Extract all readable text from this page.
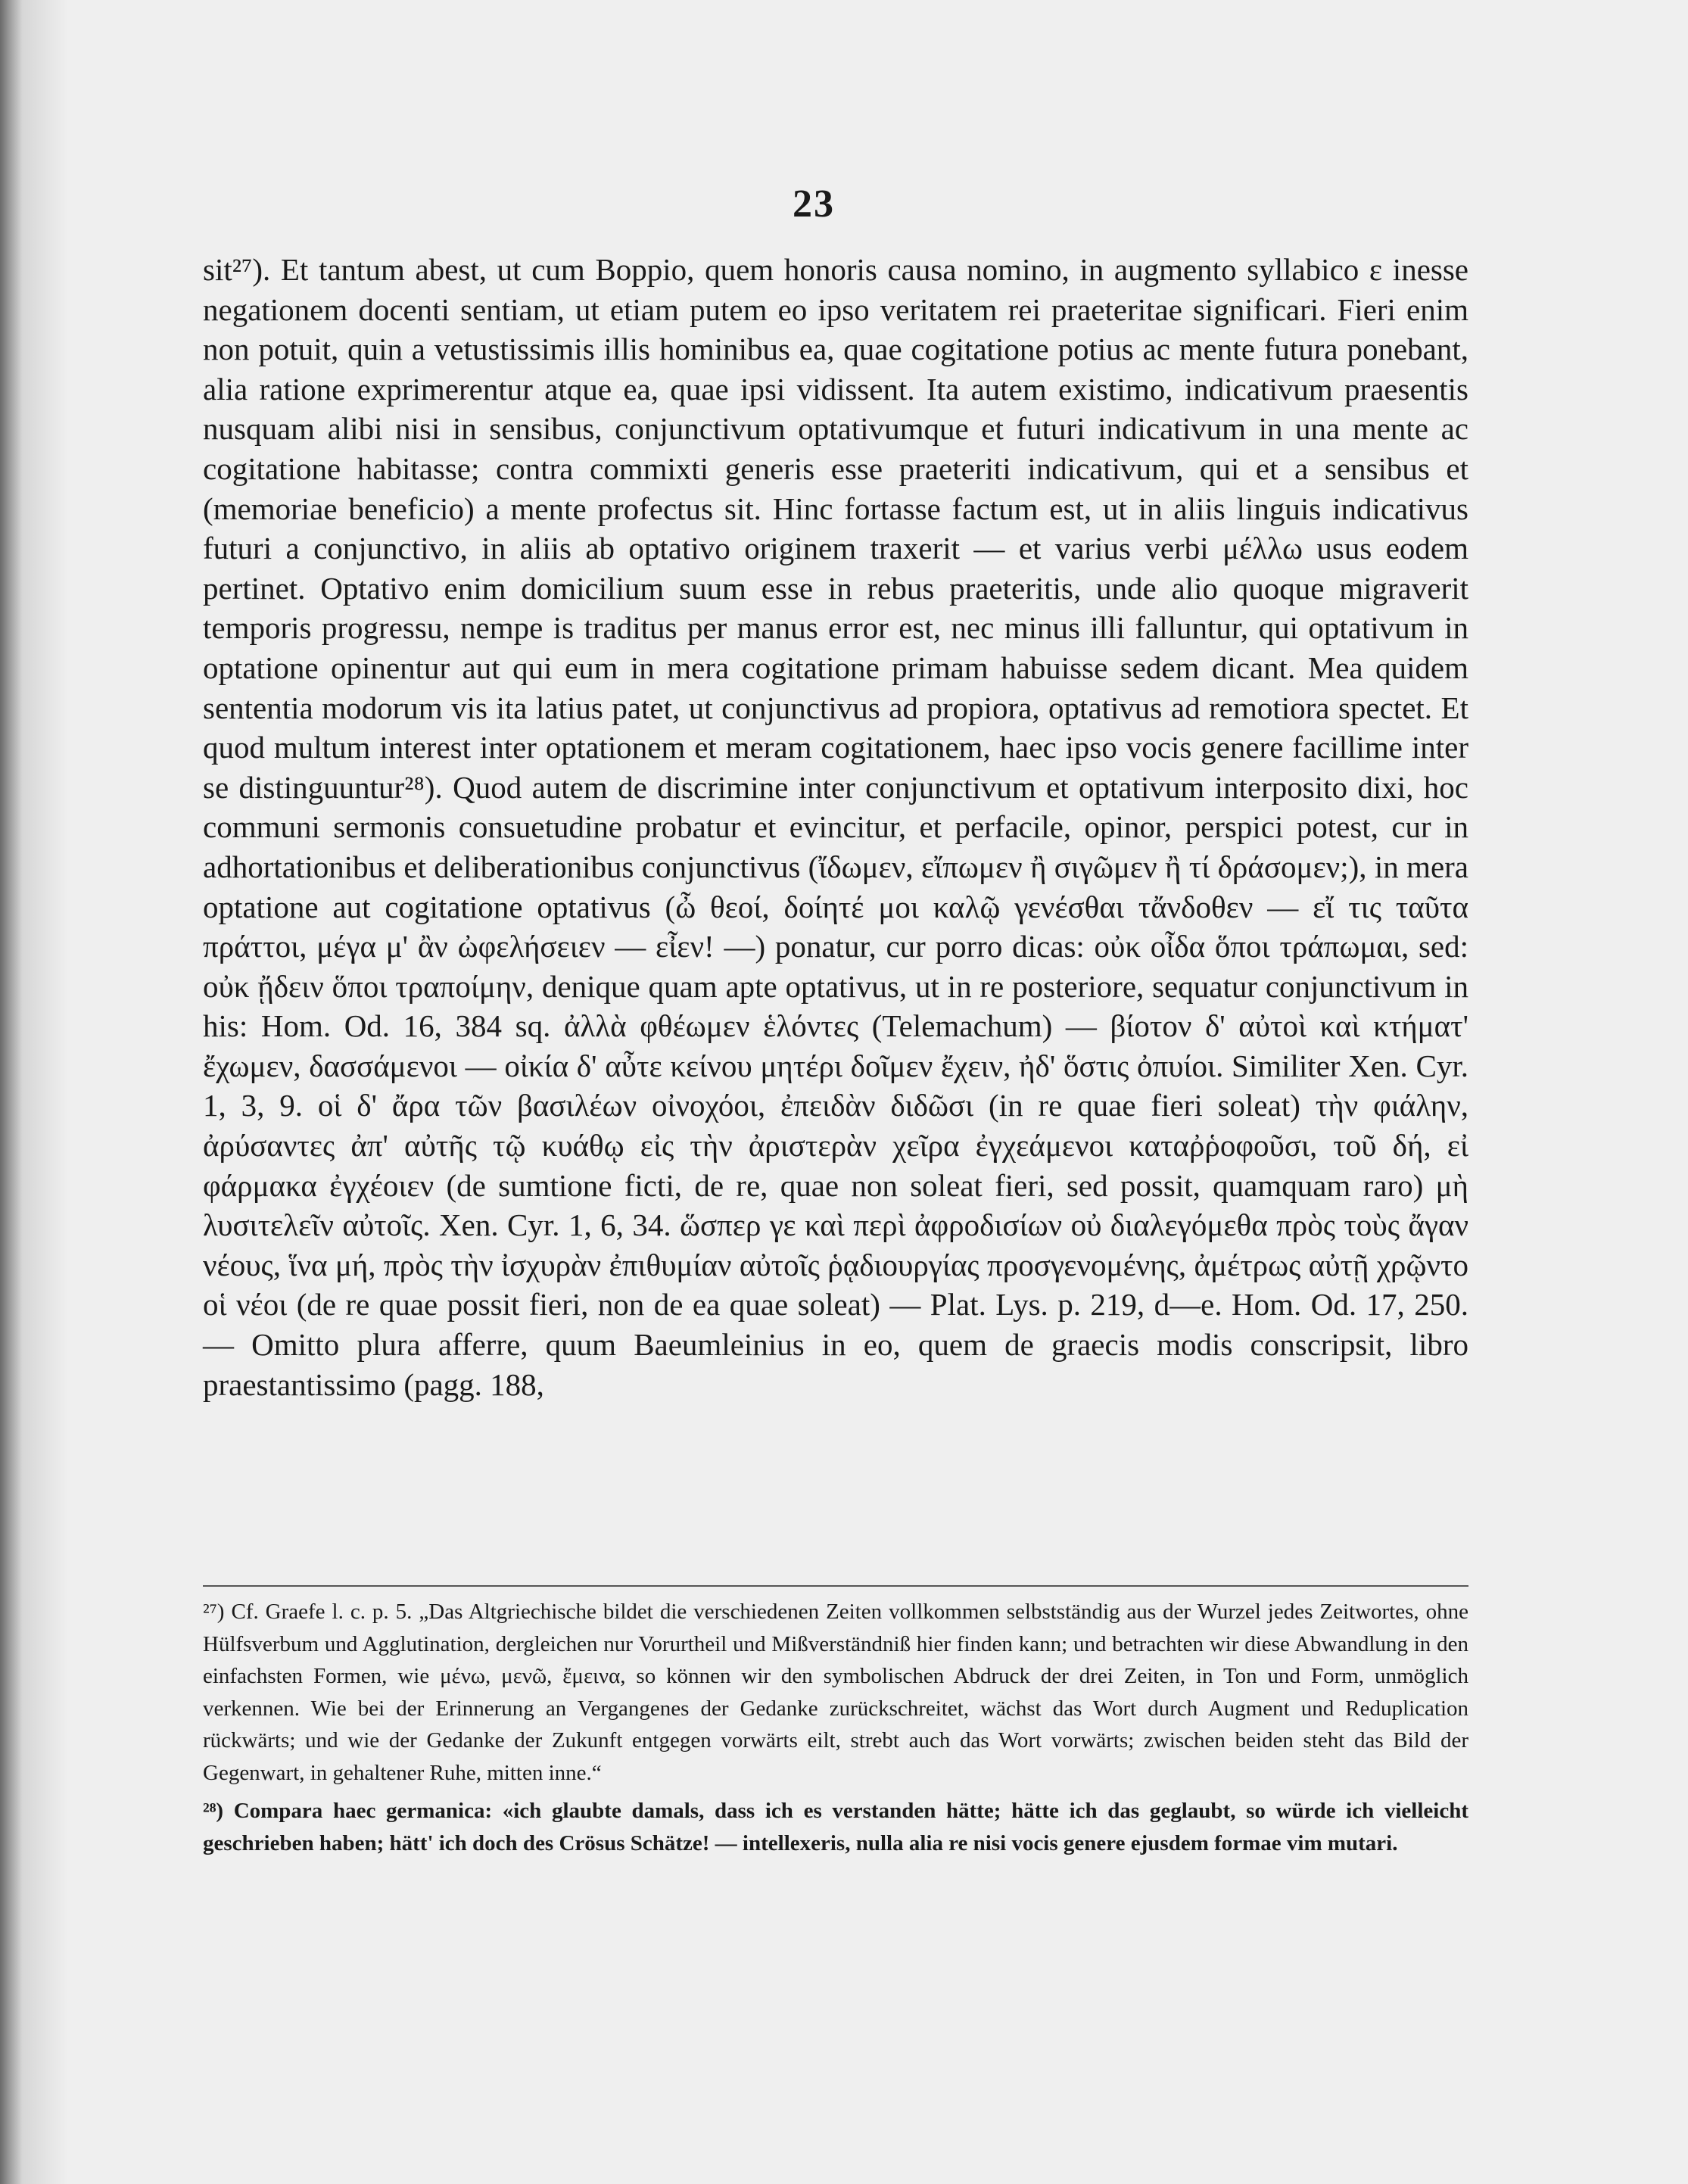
23

sit²⁷). Et tantum abest, ut cum Boppio, quem honoris causa nomino, in augmento syllabico ε inesse negationem docenti sentiam, ut etiam putem eo ipso veritatem rei praeteritae significari. Fieri enim non potuit, quin a vetustissimis illis hominibus ea, quae cogitatione potius ac mente futura ponebant, alia ratione exprimerentur atque ea, quae ipsi vidissent. Ita autem existimo, indicativum praesentis nusquam alibi nisi in sensibus, conjunctivum optativumque et futuri indicativum in una mente ac cogitatione habitasse; contra commixti generis esse praeteriti indicativum, qui et a sensibus et (memoriae beneficio) a mente profectus sit. Hinc fortasse factum est, ut in aliis linguis indicativus futuri a conjunctivo, in aliis ab optativo originem traxerit — et varius verbi μέλλω usus eodem pertinet. Optativo enim domicilium suum esse in rebus praeteritis, unde alio quoque migraverit temporis progressu, nempe is traditus per manus error est, nec minus illi falluntur, qui optativum in optatione opinentur aut qui eum in mera cogitatione primam habuisse sedem dicant. Mea quidem sententia modorum vis ita latius patet, ut conjunctivus ad propiora, optativus ad remotiora spectet. Et quod multum interest inter optationem et meram cogitationem, haec ipso vocis genere facillime inter se distinguuntur²⁸). Quod autem de discrimine inter conjunctivum et optativum interposito dixi, hoc communi sermonis consuetudine probatur et evincitur, et perfacile, opinor, perspici potest, cur in adhortationibus et deliberationibus conjunctivus (ἴδωμεν, εἴπωμεν ἢ σιγῶμεν ἢ τί δράσομεν;), in mera optatione aut cogitatione optativus (ὦ θεοί, δοίητέ μοι καλῷ γενέσθαι τἄνδοθεν — εἴ τις ταῦτα πράττοι, μέγα μ' ἂν ὠφελήσειεν — εἶεν! —) ponatur, cur porro dicas: οὐκ οἶδα ὅποι τράπωμαι, sed: οὐκ ᾔδειν ὅποι τραποίμην, denique quam apte optativus, ut in re posteriore, sequatur conjunctivum in his: Hom. Od. 16, 384 sq. ἀλλὰ φθέωμεν ἑλόντες (Telemachum) — βίοτον δ' αὐτοὶ καὶ κτήματ' ἔχωμεν, δασσάμενοι — οἰκία δ' αὖτε κείνου μητέρι δοῖμεν ἔχειν, ἠδ' ὅστις ὀπυίοι. Similiter Xen. Cyr. 1, 3, 9. οἱ δ' ἄρα τῶν βασιλέων οἰνοχόοι, ἐπειδὰν διδῶσι (in re quae fieri soleat) τὴν φιάλην, ἀρύσαντες ἀπ' αὐτῆς τῷ κυάθῳ εἰς τὴν ἀριστερὰν χεῖρα ἐγχεάμενοι καταῤῥοφοῦσι, τοῦ δή, εἰ φάρμακα ἐγχέοιεν (de sumtione ficti, de re, quae non soleat fieri, sed possit, quamquam raro) μὴ λυσιτελεῖν αὐτοῖς. Xen. Cyr. 1, 6, 34. ὥσπερ γε καὶ περὶ ἀφροδισίων οὐ διαλεγόμεθα πρὸς τοὺς ἄγαν νέους, ἵνα μή, πρὸς τὴν ἰσχυρὰν ἐπιθυμίαν αὐτοῖς ῥᾳδιουργίας προσγενομένης, ἀμέτρως αὐτῇ χρῷντο οἱ νέοι (de re quae possit fieri, non de ea quae soleat) — Plat. Lys. p. 219, d—e. Hom. Od. 17, 250. — Omitto plura afferre, quum Baeumleinius in eo, quem de graecis modis conscripsit, libro praestantissimo (pagg. 188,

²⁷) Cf. Graefe l. c. p. 5. „Das Altgriechische bildet die verschiedenen Zeiten vollkommen selbstständig aus der Wurzel jedes Zeitwortes, ohne Hülfsverbum und Agglutination, dergleichen nur Vorurtheil und Mißverständniß hier finden kann; und betrachten wir diese Abwandlung in den einfachsten Formen, wie μένω, μενῶ, ἔμεινα, so können wir den symbolischen Abdruck der drei Zeiten, in Ton und Form, unmöglich verkennen. Wie bei der Erinnerung an Vergangenes der Gedanke zurückschreitet, wächst das Wort durch Augment und Reduplication rückwärts; und wie der Gedanke der Zukunft entgegen vorwärts eilt, strebt auch das Wort vorwärts; zwischen beiden steht das Bild der Gegenwart, in gehaltener Ruhe, mitten inne.“

²⁸) Compara haec germanica: «ich glaubte damals, dass ich es verstanden hätte; hätte ich das geglaubt, so würde ich vielleicht geschrieben haben; hätt' ich doch des Crösus Schätze! — intellexeris, nulla alia re nisi vocis genere ejusdem formae vim mutari.
